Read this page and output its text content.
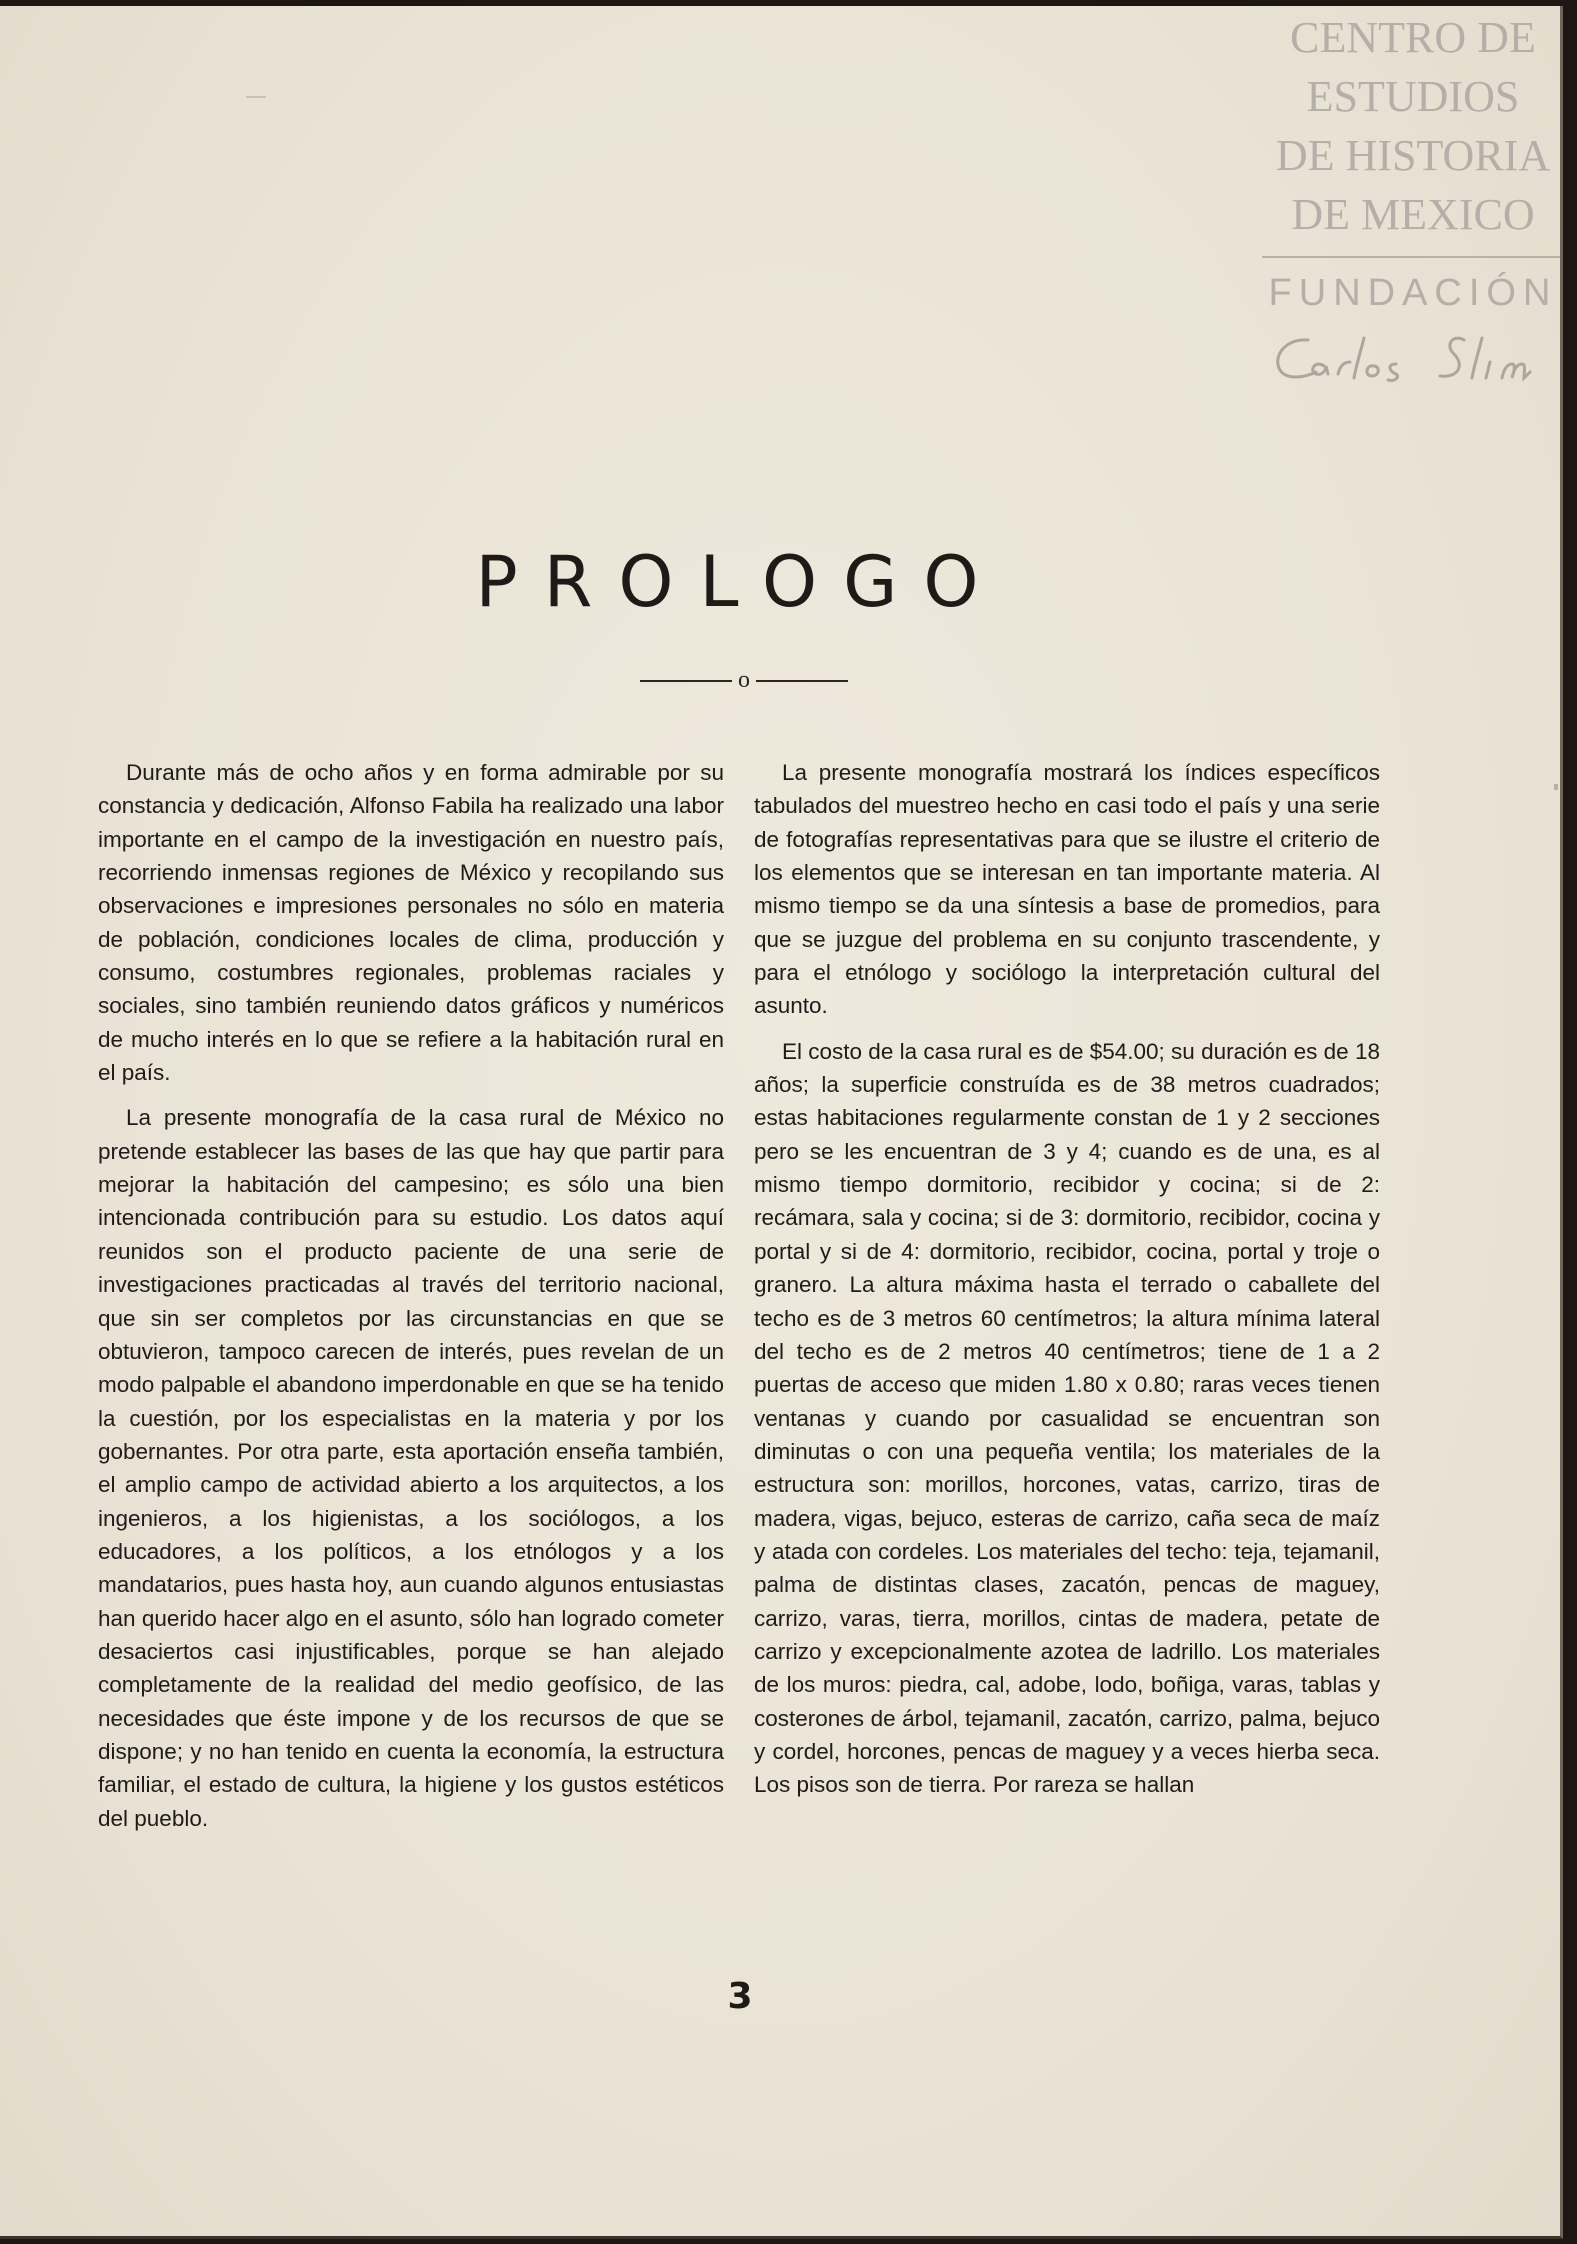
CENTRO DE
ESTUDIOS
DE HISTORIA
DE MEXICO
FUNDACIÓN
PROLOGO
o

Durante más de ocho años y en forma admirable por su constancia y dedicación, Alfonso Fabila ha realizado una labor importante en el campo de la investigación en nuestro país, recorriendo inmensas regiones de México y recopilando sus observaciones e impresiones personales no sólo en materia de población, condiciones locales de clima, producción y consumo, costumbres regionales, problemas raciales y sociales, sino también reuniendo datos gráficos y numéricos de mucho interés en lo que se refiere a la habitación rural en el país.

La presente monografía de la casa rural de México no pretende establecer las bases de las que hay que partir para mejorar la habitación del campesino; es sólo una bien intencionada contribución para su estudio. Los datos aquí reunidos son el producto paciente de una serie de investigaciones practicadas al través del territorio nacional, que sin ser completos por las circunstancias en que se obtuvieron, tampoco carecen de interés, pues revelan de un modo palpable el abandono imperdonable en que se ha tenido la cuestión, por los especialistas en la materia y por los gobernantes. Por otra parte, esta aportación enseña también, el amplio campo de actividad abierto a los arquitectos, a los ingenieros, a los higienistas, a los sociólogos, a los educadores, a los políticos, a los etnólogos y a los mandatarios, pues hasta hoy, aun cuando algunos entusiastas han querido hacer algo en el asunto, sólo han logrado cometer desaciertos casi injustificables, porque se han alejado completamente de la realidad del medio geofísico, de las necesidades que éste impone y de los recursos de que se dispone; y no han tenido en cuenta la economía, la estructura familiar, el estado de cultura, la higiene y los gustos estéticos del pueblo.

La presente monografía mostrará los índices específicos tabulados del muestreo hecho en casi todo el país y una serie de fotografías representativas para que se ilustre el criterio de los elementos que se interesan en tan importante materia. Al mismo tiempo se da una síntesis a base de promedios, para que se juzgue del problema en su conjunto trascendente, y para el etnólogo y sociólogo la interpretación cultural del asunto.

El costo de la casa rural es de $54.00; su duración es de 18 años; la superficie construída es de 38 metros cuadrados; estas habitaciones regularmente constan de 1 y 2 secciones pero se les encuentran de 3 y 4; cuando es de una, es al mismo tiempo dormitorio, recibidor y cocina; si de 2: recámara, sala y cocina; si de 3: dormitorio, recibidor, cocina y portal y si de 4: dormitorio, recibidor, cocina, portal y troje o granero. La altura máxima hasta el terrado o caballete del techo es de 3 metros 60 centímetros; la altura mínima lateral del techo es de 2 metros 40 centímetros; tiene de 1 a 2 puertas de acceso que miden 1.80 x 0.80; raras veces tienen ventanas y cuando por casualidad se encuentran son diminutas o con una pequeña ventila; los materiales de la estructura son: morillos, horcones, vatas, carrizo, tiras de madera, vigas, bejuco, esteras de carrizo, caña seca de maíz y atada con cordeles. Los materiales del techo: teja, tejamanil, palma de distintas clases, zacatón, pencas de maguey, carrizo, varas, tierra, morillos, cintas de madera, petate de carrizo y excepcionalmente azotea de ladrillo. Los materiales de los muros: piedra, cal, adobe, lodo, boñiga, varas, tablas y costerones de árbol, tejamanil, zacatón, carrizo, palma, bejuco y cordel, horcones, pencas de maguey y a veces hierba seca. Los pisos son de tierra. Por rareza se hallan

3
